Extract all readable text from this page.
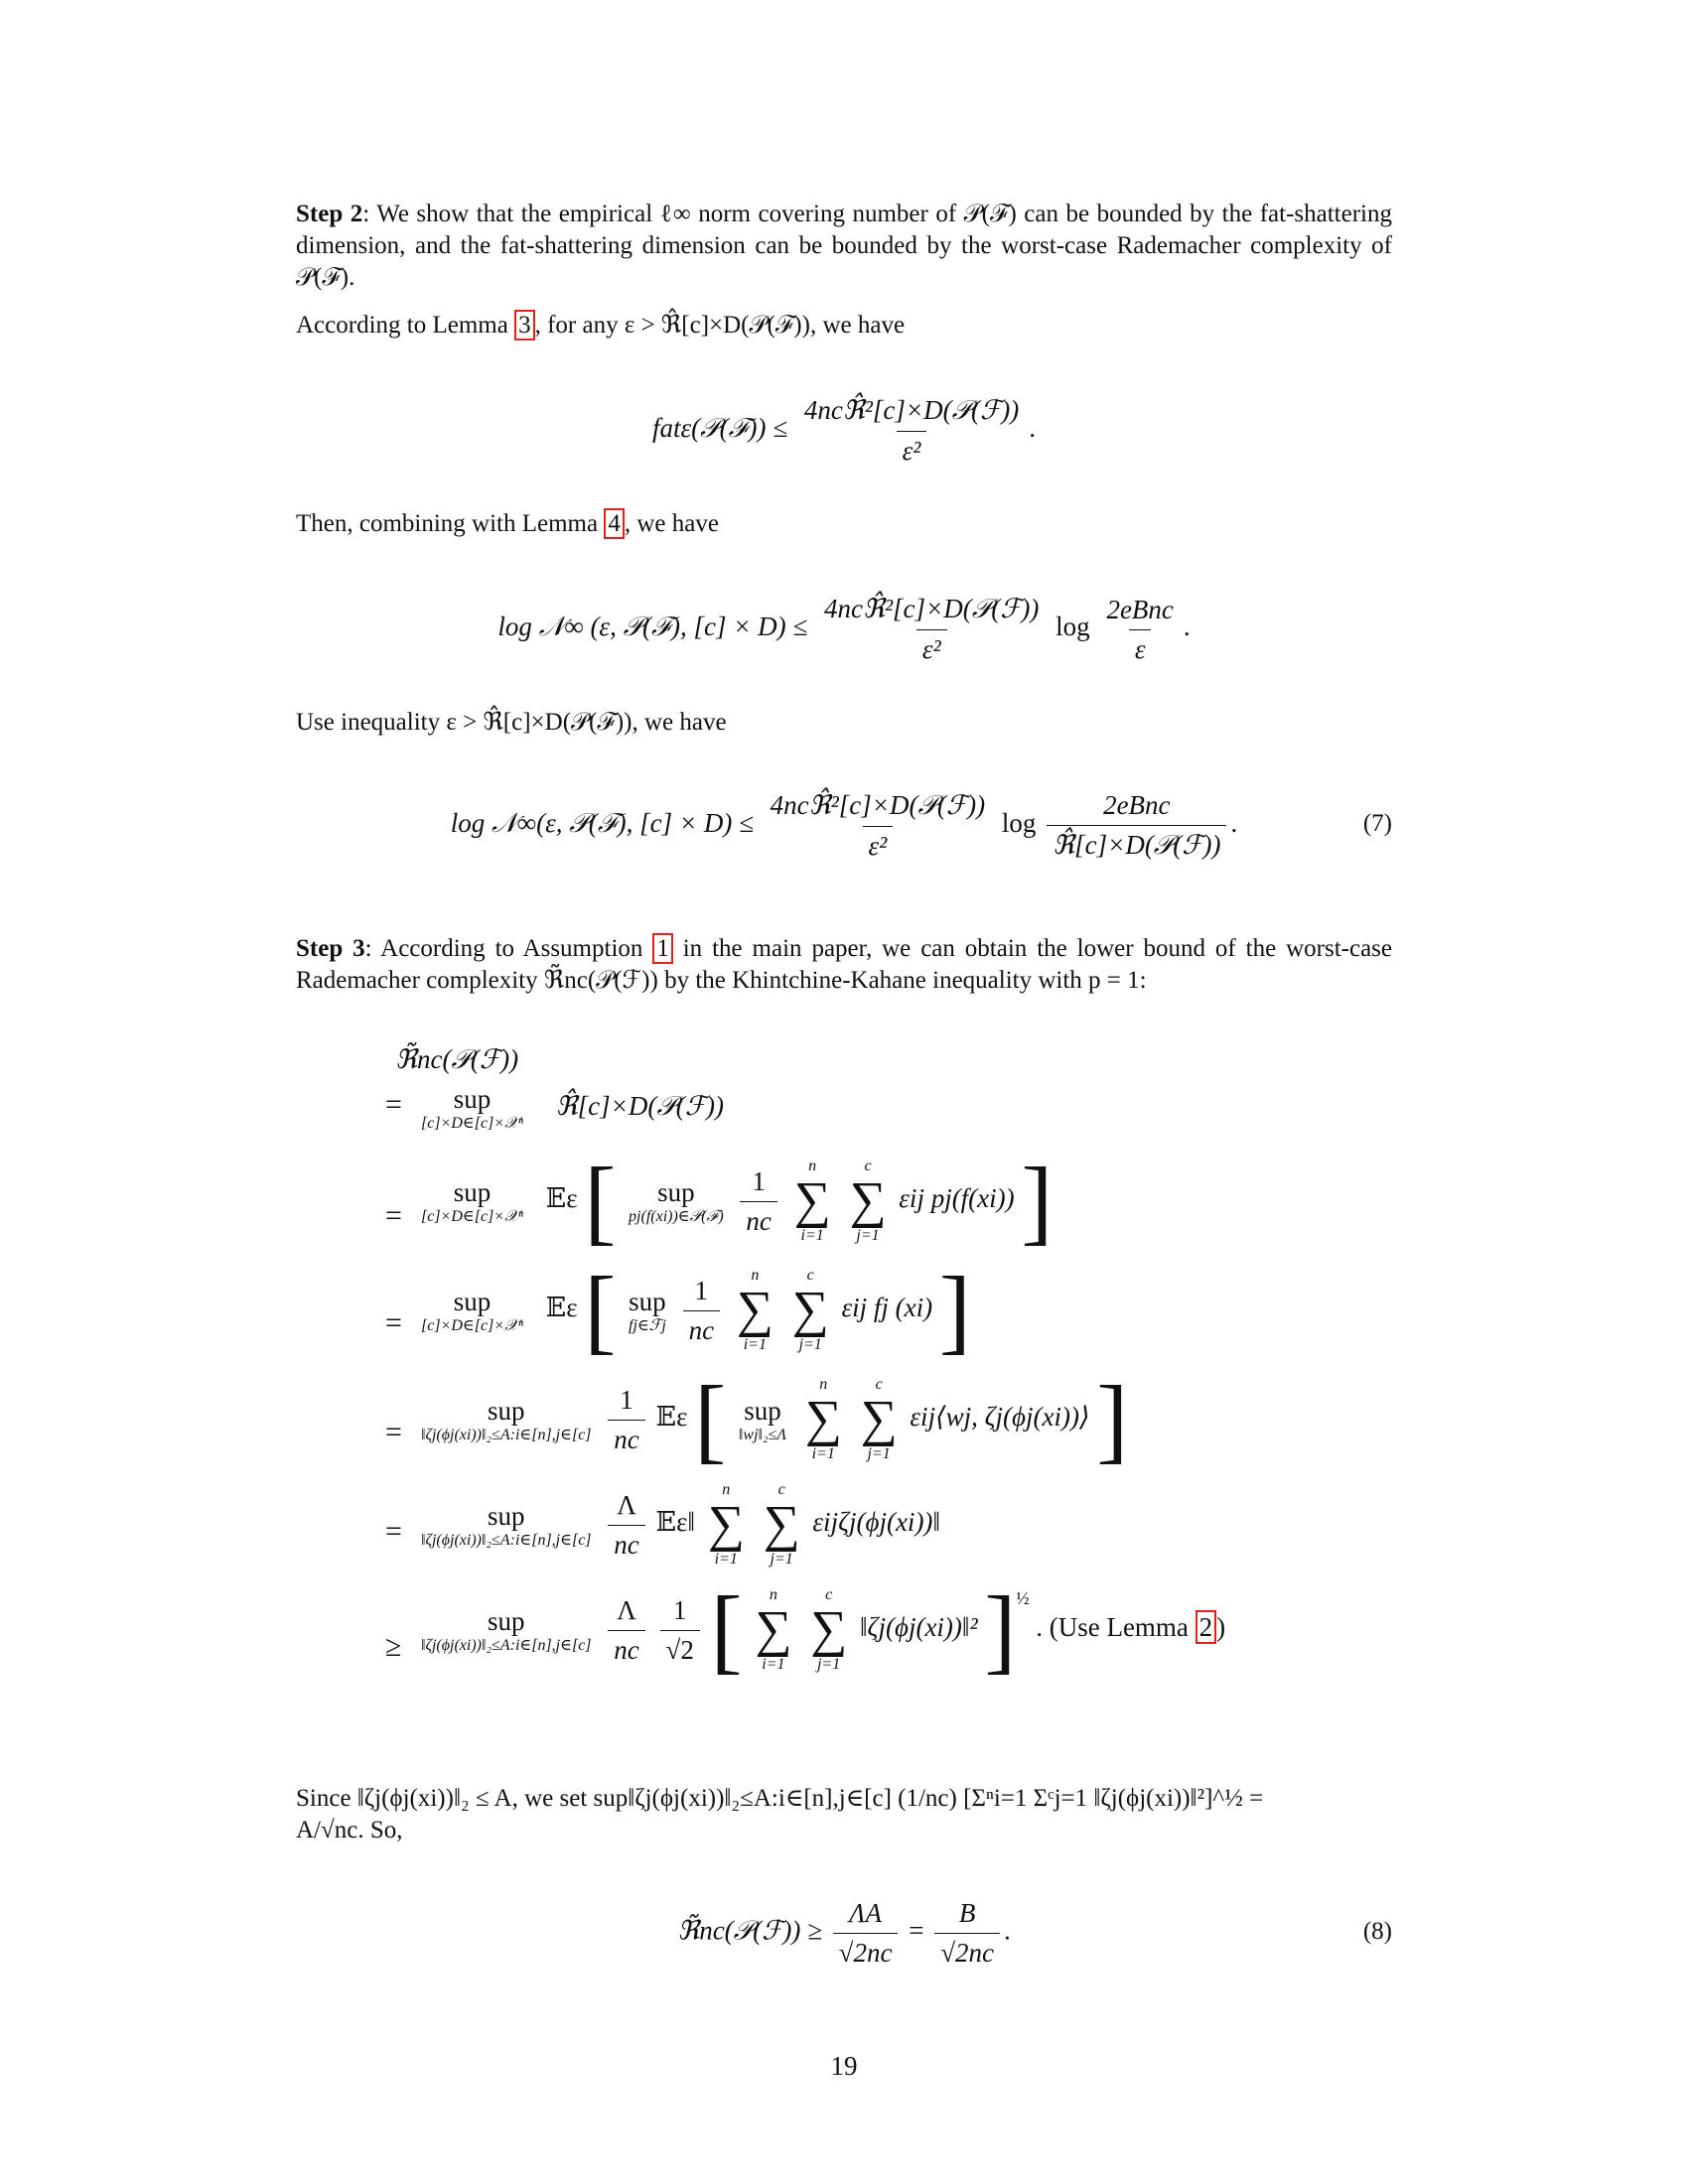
Step 2: We show that the empirical ℓ∞ norm covering number of 𝒫(ℱ) can be bounded by the fat-shattering dimension, and the fat-shattering dimension can be bounded by the worst-case Rademacher complexity of 𝒫(ℱ).

According to Lemma 3 , for any ε > ℜ̂[c]×D(𝒫(ℱ)), we have

fatε(𝒫(ℱ)) ≤ $\frac{\text{4ncℜ̂²[c]×D(𝒫(ℱ))}}{\text{ε²}}$ .

Then, combining with Lemma 4 , we have

log 𝒩∞ (ε, 𝒫(ℱ), $[c] \times D) \le \frac{\text{4ncℜ̂²[c]×D(𝒫(ℱ))}}{\text{ε²}}$ $\log \frac{\text{2eBnc}}{\varepsilon}$ .

Use inequality ε > ℜ̂[c]×D(𝒫(ℱ)), we have

log 𝒩∞(ε, 𝒫(ℱ), $[c] \times D) \le \frac{\text{4ncℜ̂²[c]×D(𝒫(ℱ))}}{\text{ε²}}$ $\log \frac{\text{2eBnc}}{\text{ℜ̂[c]×D(𝒫(ℱ))}}$ .	(7)

Step 3: According to Assumption 1 in the main paper, we can obtain the lower bound of the worst-case Rademacher complexity ℜ̃nc(𝒫(ℱ)) by the Khintchine-Kahane inequality with p = 1:

ℜ̃nc(𝒫(ℱ))
= sup
[c]×D∈[c]×𝒳ⁿ
ℜ̂[c]×D(𝒫(ℱ))
=
sup
[c]×D∈[c]×𝒳ⁿ
𝔼ε [ sup
pj(f(xi))∈𝒫(ℱ)
$\frac{1}{nc}$
n
∑
i=1

c
∑
j=1
εij pj(f(xi)) ]
=
sup
[c]×D∈[c]×𝒳ⁿ
𝔼ε [ sup
fj∈ℱj
$\frac{1}{nc}$
n
∑
i=1

c
∑
j=1
εij fj (xi) ]
=
sup
‖ζj(ϕj(xi))‖₂≤A:i∈[n],j∈[c]
$\frac{1}{nc}$ 𝔼ε [ sup
‖wj‖₂≤Λ

n
∑
i=1

c
∑
j=1
εij⟨wj, ζj(ϕj(xi))⟩ ]
=	sup
‖ζj(ϕj(xi))‖₂≤A:i∈[n],j∈[c]
$\frac{\Lambda}{nc}$ 𝔼ε‖
n
∑
i=1

c
∑
j=1
εijζj(ϕj(xi))‖
≥
sup
‖ζj(ϕj(xi))‖₂≤A:i∈[n],j∈[c]
$\frac{\Lambda}{nc}$
$\frac{1}{√2}$ [ n
∑
i=1

c
∑
j=1
‖ζj(ϕj(xi))‖² ]$^{\frac{1}{2}}$ . (Use Lemma 2 )

Since ‖ζj(ϕj(xi))‖₂ ≤ A, we set sup‖ζj(ϕj(xi))‖₂≤A:i∈[n],j∈[c] (1/nc) [Σⁿi=1 Σᶜj=1 ‖ζj(ϕj(xi))‖²]^½ =
A/√nc. So,

ℜ̃nc(𝒫(ℱ)) ≥ $\frac{\Lambda A}{√2nc} = \frac{B}{√2nc}$ .	(8)
19
